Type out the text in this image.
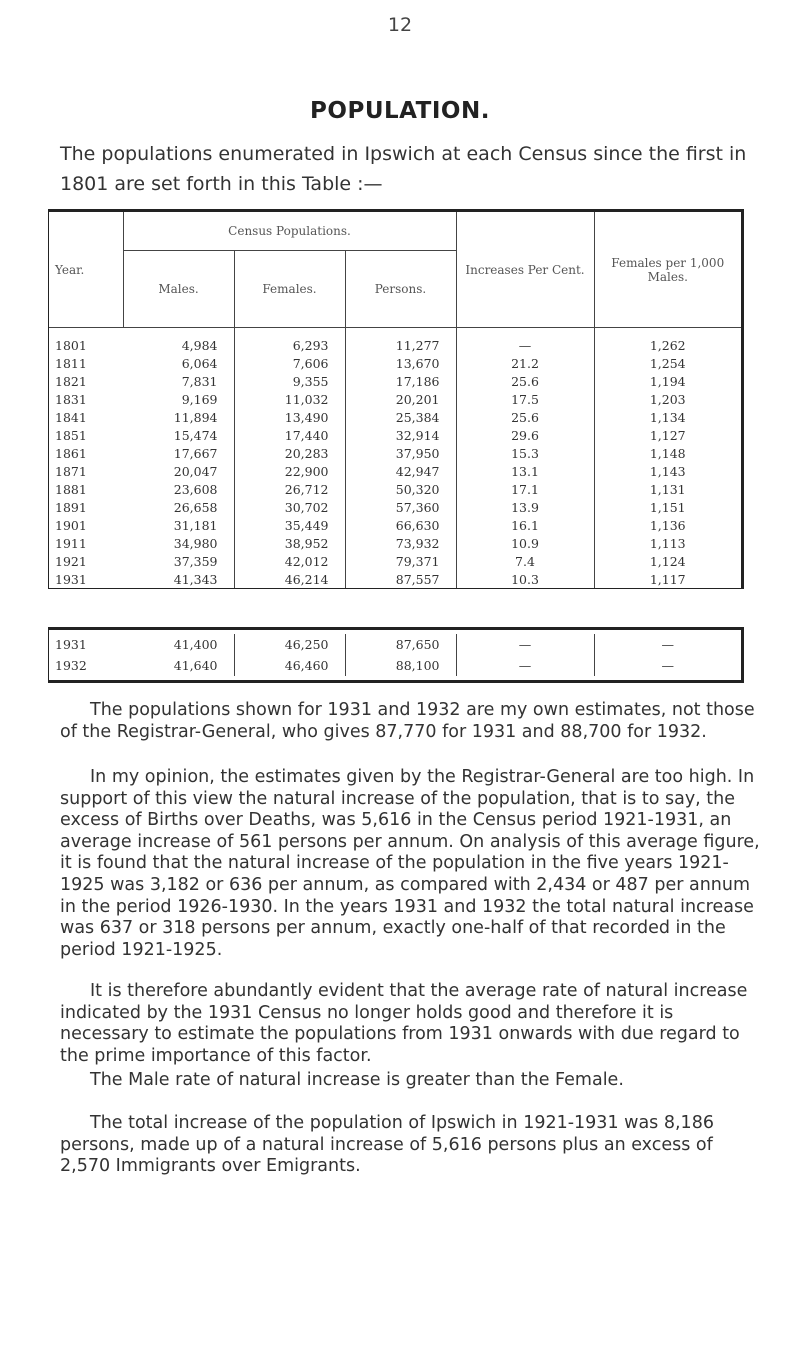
12
POPULATION.

The populations enumerated in Ipswich at each Census since the first in 1801 are set forth in this Table :—

Year.	Census Populations.			Increases Per Cent.	Females per 1,000 Males.
	Males.	Females.	Persons.		
1801	4,984	6,293	11,277	—	1,262
1811	6,064	7,606	13,670	21.2	1,254
1821	7,831	9,355	17,186	25.6	1,194
1831	9,169	11,032	20,201	17.5	1,203
1841	11,894	13,490	25,384	25.6	1,134
1851	15,474	17,440	32,914	29.6	1,127
1861	17,667	20,283	37,950	15.3	1,148
1871	20,047	22,900	42,947	13.1	1,143
1881	23,608	26,712	50,320	17.1	1,131
1891	26,658	30,702	57,360	13.9	1,151
1901	31,181	35,449	66,630	16.1	1,136
1911	34,980	38,952	73,932	10.9	1,113
1921	37,359	42,012	79,371	7.4	1,124
1931	41,343	46,214	87,557	10.3	1,117
1931	41,400	46,250	87,650	—	—
1932	41,640	46,460	88,100	—	—

The populations shown for 1931 and 1932 are my own estimates, not those of the Registrar-General, who gives 87,770 for 1931 and 88,700 for 1932.

In my opinion, the estimates given by the Registrar-General are too high. In support of this view the natural increase of the population, that is to say, the excess of Births over Deaths, was 5,616 in the Census period 1921-1931, an average increase of 561 persons per annum. On analysis of this average figure, it is found that the natural increase of the population in the five years 1921-1925 was 3,182 or 636 per annum, as compared with 2,434 or 487 per annum in the period 1926-1930. In the years 1931 and 1932 the total natural increase was 637 or 318 persons per annum, exactly one-half of that recorded in the period 1921-1925.

It is therefore abundantly evident that the average rate of natural increase indicated by the 1931 Census no longer holds good and therefore it is necessary to estimate the populations from 1931 onwards with due regard to the prime importance of this factor.

The Male rate of natural increase is greater than the Female.

The total increase of the population of Ipswich in 1921-1931 was 8,186 persons, made up of a natural increase of 5,616 persons plus an excess of 2,570 Immigrants over Emigrants.
